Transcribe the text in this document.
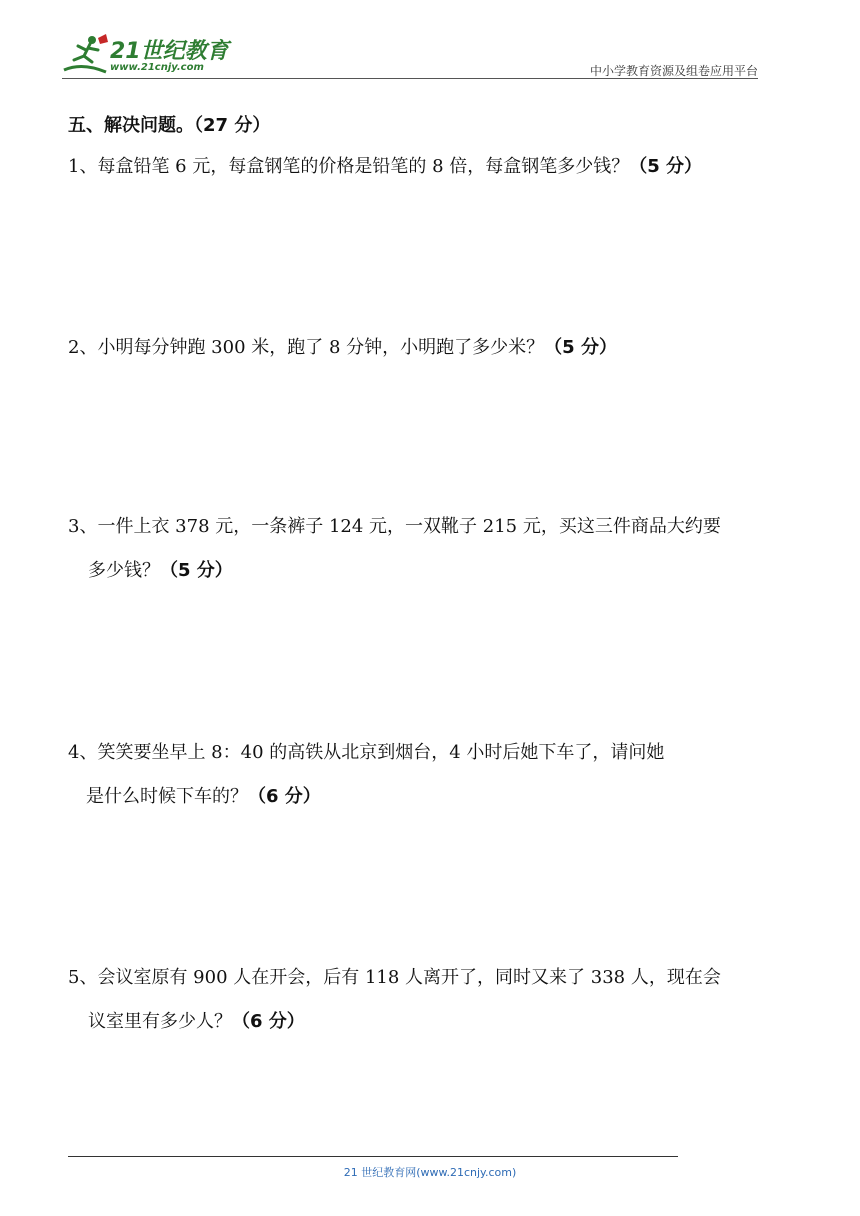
21世纪教育
www.21cnjy.com	中小学教育资源及组卷应用平台
五、解决问题。（27 分）
1、每盒铅笔 6 元，每盒钢笔的价格是铅笔的 8 倍，每盒钢笔多少钱？（5 分）
2、小明每分钟跑 300 米，跑了 8 分钟，小明跑了多少米？（5 分）
3、一件上衣 378 元，一条裤子 124 元，一双靴子 215 元，买这三件商品大约要
多少钱？（5 分）
4、笑笑要坐早上 8：40 的高铁从北京到烟台，4 小时后她下车了，请问她
是什么时候下车的？（6 分）
5、会议室原有 900 人在开会，后有 118 人离开了，同时又来了 338 人，现在会
议室里有多少人？（6 分）
21 世纪教育网(www.21cnjy.com)
